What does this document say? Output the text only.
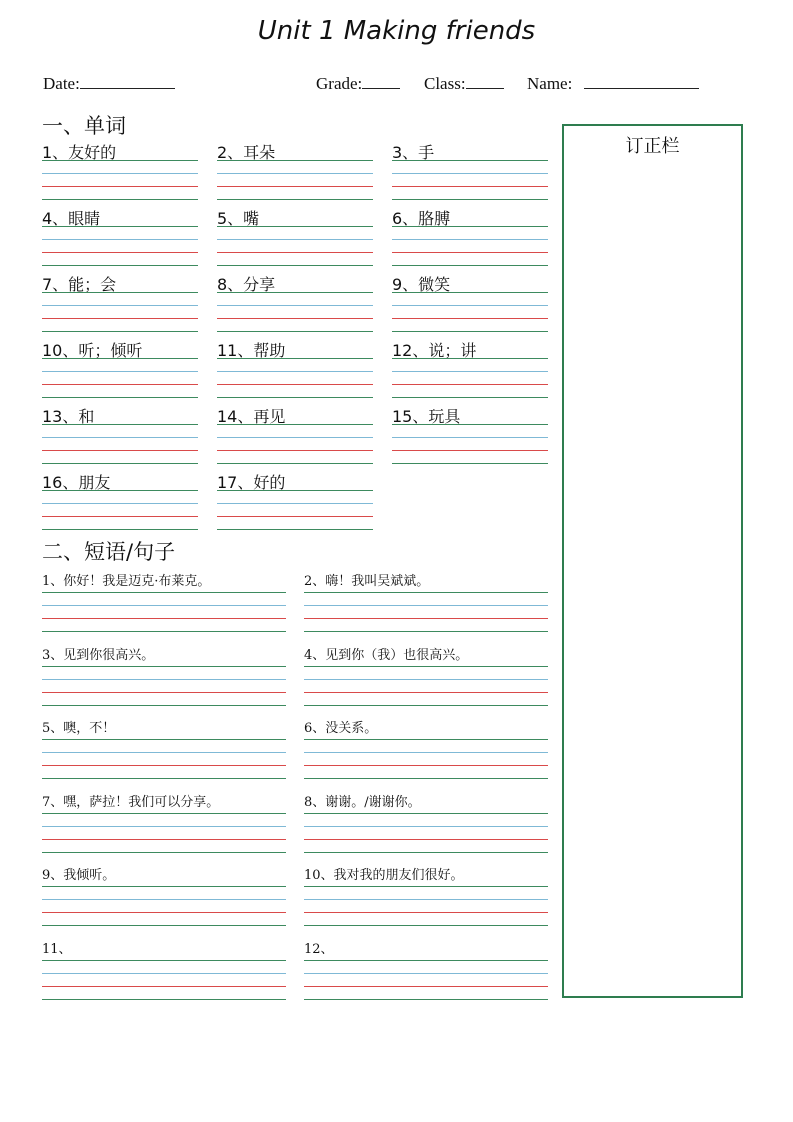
Unit 1 Making friends
Date:	Grade:	Class:	Name:
一、单词
二、短语/句子
1、友好的	2、耳朵	3、手
4、眼睛	5、嘴	6、胳膊
7、能；会	8、分享	9、微笑
10、听；倾听	11、帮助	12、说；讲
13、和	14、再见	15、玩具
16、朋友	17、好的
1、你好！我是迈克·布莱克。	2、嗨！我叫吴斌斌。
3、见到你很高兴。	4、见到你（我）也很高兴。
5、噢，不！	6、没关系。
7、嘿，萨拉！我们可以分享。	8、谢谢。/谢谢你。
9、我倾听。	10、我对我的朋友们很好。
11、	12、
订正栏
